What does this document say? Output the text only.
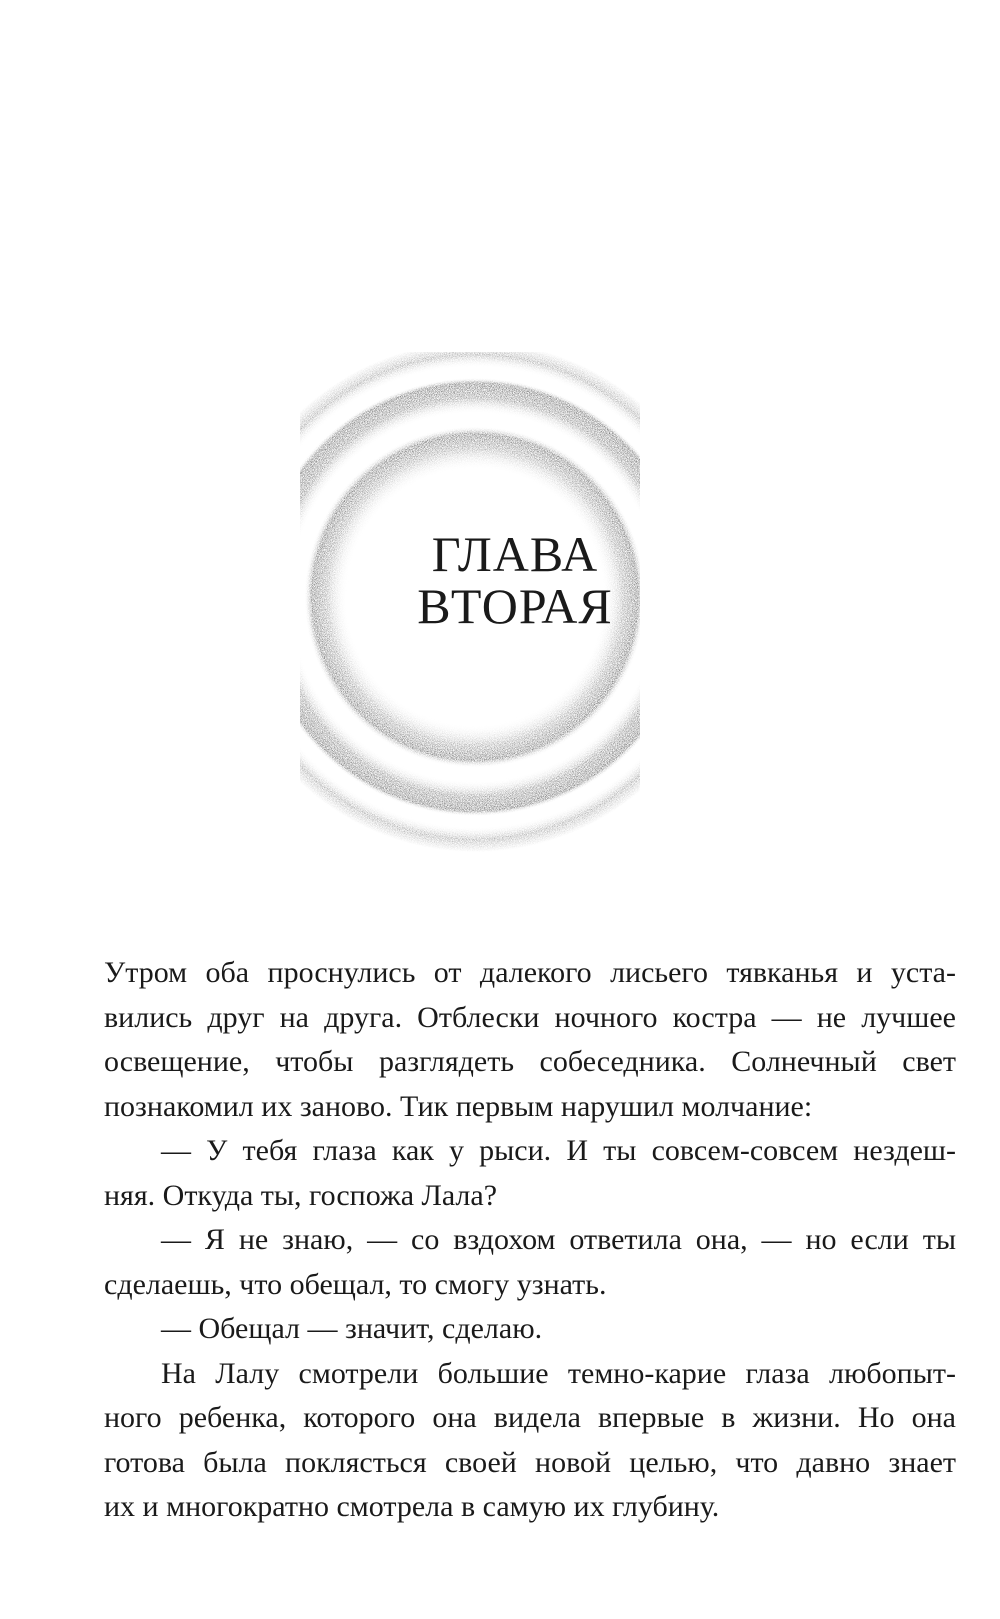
ГЛАВА
ВТОРАЯ
Утром оба проснулись от далекого лисьего тявканья и уста-
вились друг на друга. Отблески ночного костра — не лучшее
освещение, чтобы разглядеть собеседника. Солнечный свет
познакомил их заново. Тик первым нарушил молчание:
— У тебя глаза как у рыси. И ты совсем-совсем нездеш-
няя. Откуда ты, госпожа Лала?
— Я не знаю, — со вздохом ответила она, — но если ты
сделаешь, что обещал, то смогу узнать.
— Обещал — значит, сделаю.
На Лалу смотрели большие темно-карие глаза любопыт-
ного ребенка, которого она видела впервые в жизни. Но она
готова была поклясться своей новой целью, что давно знает
их и многократно смотрела в самую их глубину.
